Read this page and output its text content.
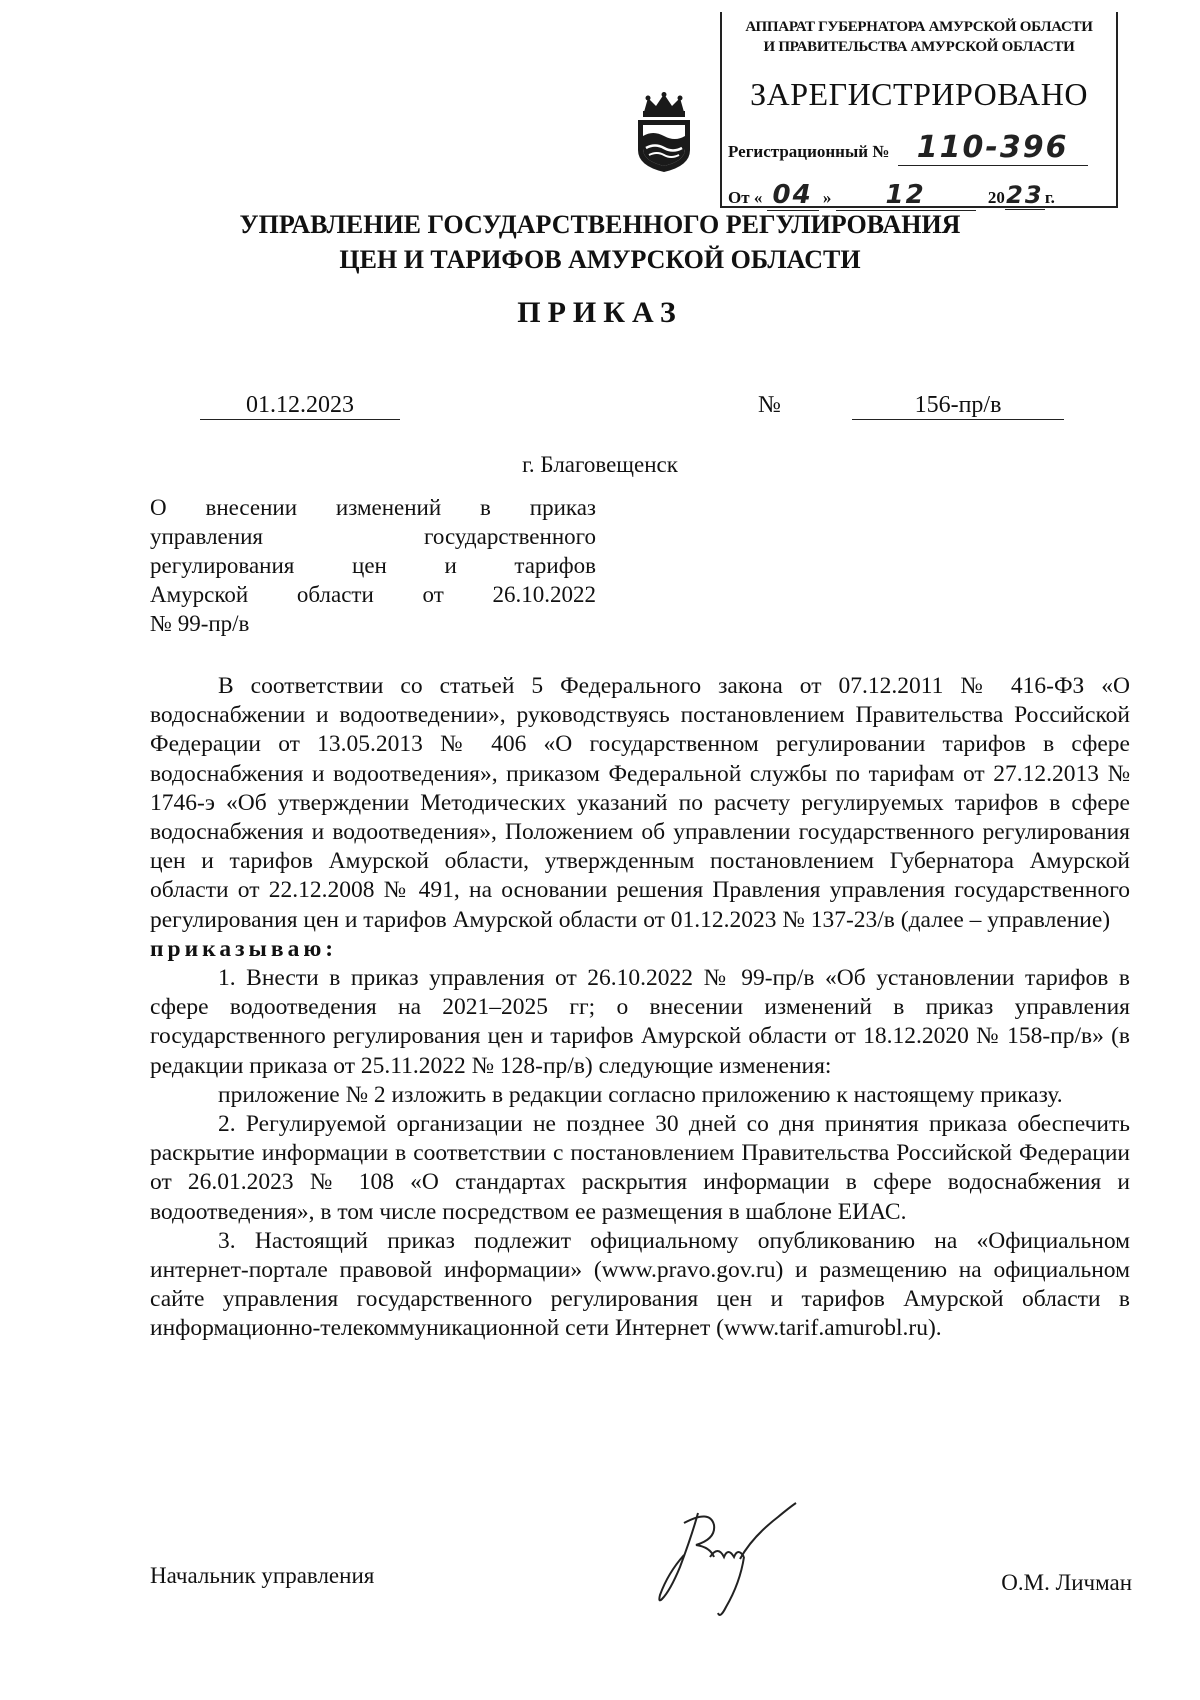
АППАРАТ ГУБЕРНАТОРА АМУРСКОЙ ОБЛАСТИ
И ПРАВИТЕЛЬСТВА АМУРСКОЙ ОБЛАСТИ
ЗАРЕГИСТРИРОВАНО
Регистрационный № 110-396
От « 04 » 12	2023г.
УПРАВЛЕНИЕ ГОСУДАРСТВЕННОГО РЕГУЛИРОВАНИЯ
ЦЕН И ТАРИФОВ АМУРСКОЙ ОБЛАСТИ
ПРИКАЗ
01.12.2023	№	156-пр/в
г. Благовещенск
О внесении изменений в приказ
управления государственного
регулирования цен и тарифов
Амурской области от 26.10.2022
№ 99-пр/в

В соответствии со статьей 5 Федерального закона от 07.12.2011 № 416-ФЗ «О водоснабжении и водоотведении», руководствуясь постановлением Правительства Российской Федерации от 13.05.2013 № 406 «О государственном регулировании тарифов в сфере водоснабжения и водоотведения», приказом Федеральной службы по тарифам от 27.12.2013 № 1746-э «Об утверждении Методических указаний по расчету регулируемых тарифов в сфере водоснабжения и водоотведения», Положением об управлении государственного регулирования цен и тарифов Амурской области, утвержденным постановлением Губернатора Амурской области от 22.12.2008 № 491, на основании решения Правления управления государственного регулирования цен и тарифов Амурской области от 01.12.2023 № 137-23/в (далее – управление)

приказываю:

1. Внести в приказ управления от 26.10.2022 № 99-пр/в «Об установлении тарифов в сфере водоотведения на 2021–2025 гг; о внесении изменений в приказ управления государственного регулирования цен и тарифов Амурской области от 18.12.2020 № 158-пр/в» (в редакции приказа от 25.11.2022 № 128-пр/в) следующие изменения:

приложение № 2 изложить в редакции согласно приложению к настоящему приказу.

2. Регулируемой организации не позднее 30 дней со дня принятия приказа обеспечить раскрытие информации в соответствии с постановлением Правительства Российской Федерации от 26.01.2023 № 108 «О стандартах раскрытия информации в сфере водоснабжения и водоотведения», в том числе посредством ее размещения в шаблоне ЕИАС.

3. Настоящий приказ подлежит официальному опубликованию на «Официальном интернет-портале правовой информации» (www.pravo.gov.ru) и размещению на официальном сайте управления государственного регулирования цен и тарифов Амурской области в информационно-телекоммуникационной сети Интернет (www.tarif.amurobl.ru).

Начальник управления	О.М. Личман
